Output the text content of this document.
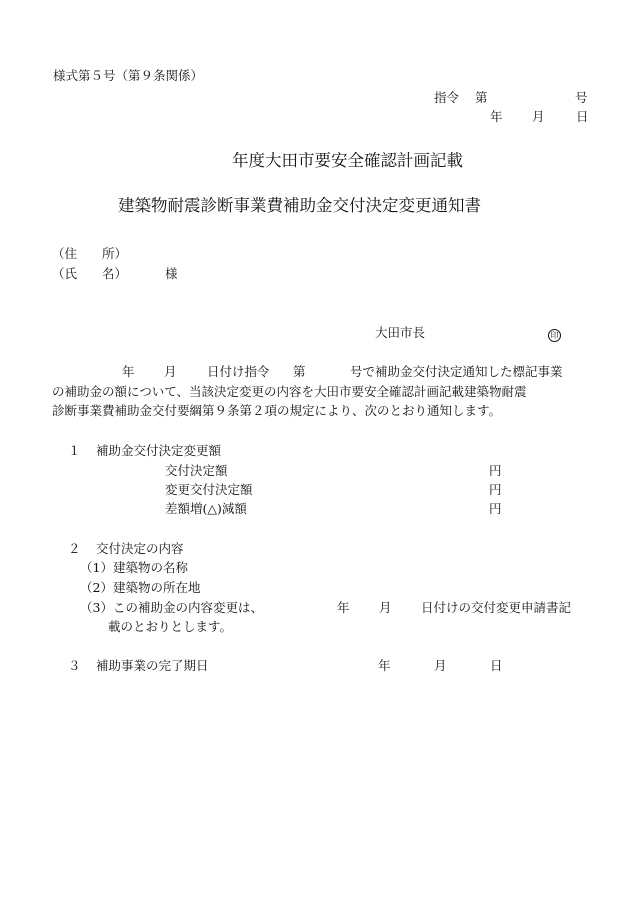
様式第５号（第９条関係）
指令 第	号
年 月	日
年度大田市要安全確認計画記載
建築物耐震診断事業費補助金交付決定変更通知書
（住　　所）
（氏　　名）	様
大田市長	印
年 月 日付け指令 第	号で補助金交付決定通知した標記事業
の補助金の額について、当該決定変更の内容を大田市要安全確認計画記載建築物耐震
診断事業費補助金交付要綱第９条第２項の規定により、次のとおり通知します。
１ 補助金交付決定変更額
交付決定額	円
変更交付決定額	円
差額増(△)減額	円
２ 交付決定の内容
（1）建築物の名称
（2）建築物の所在地
（3）この補助金の内容変更は、	年 月 日付けの交付変更申請書記
載のとおりとします。
３ 補助事業の完了期日	年	月	日
